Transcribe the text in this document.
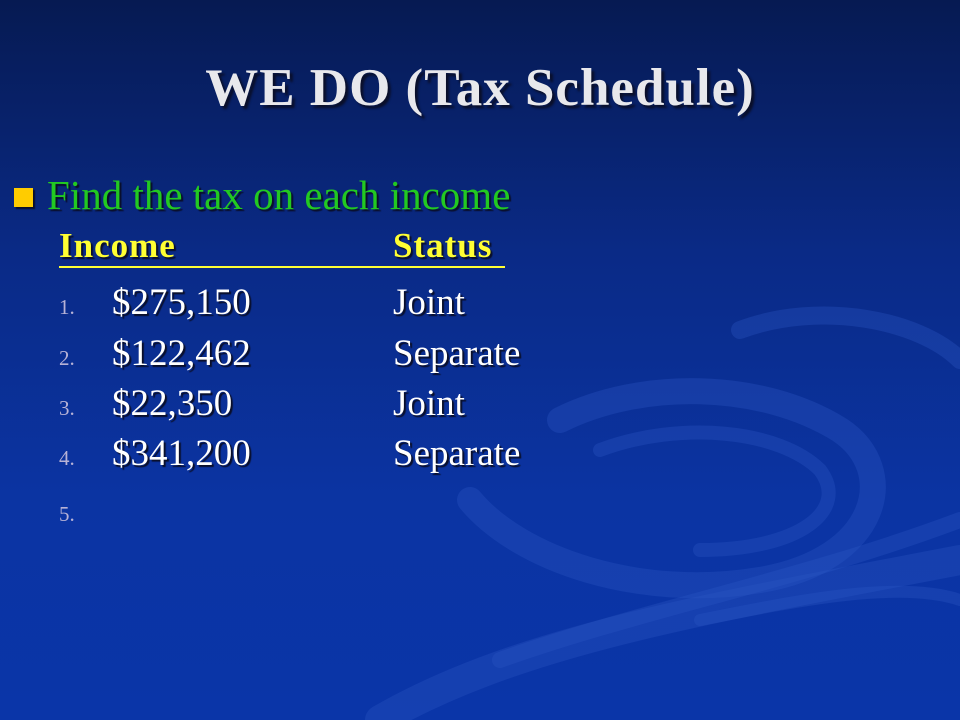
WE DO (Tax Schedule)
Find the tax on each income
Income	Status
1. $275,150	Joint
2. $122,462	Separate
3. $22,350	Joint
4. $341,200	Separate
5.
